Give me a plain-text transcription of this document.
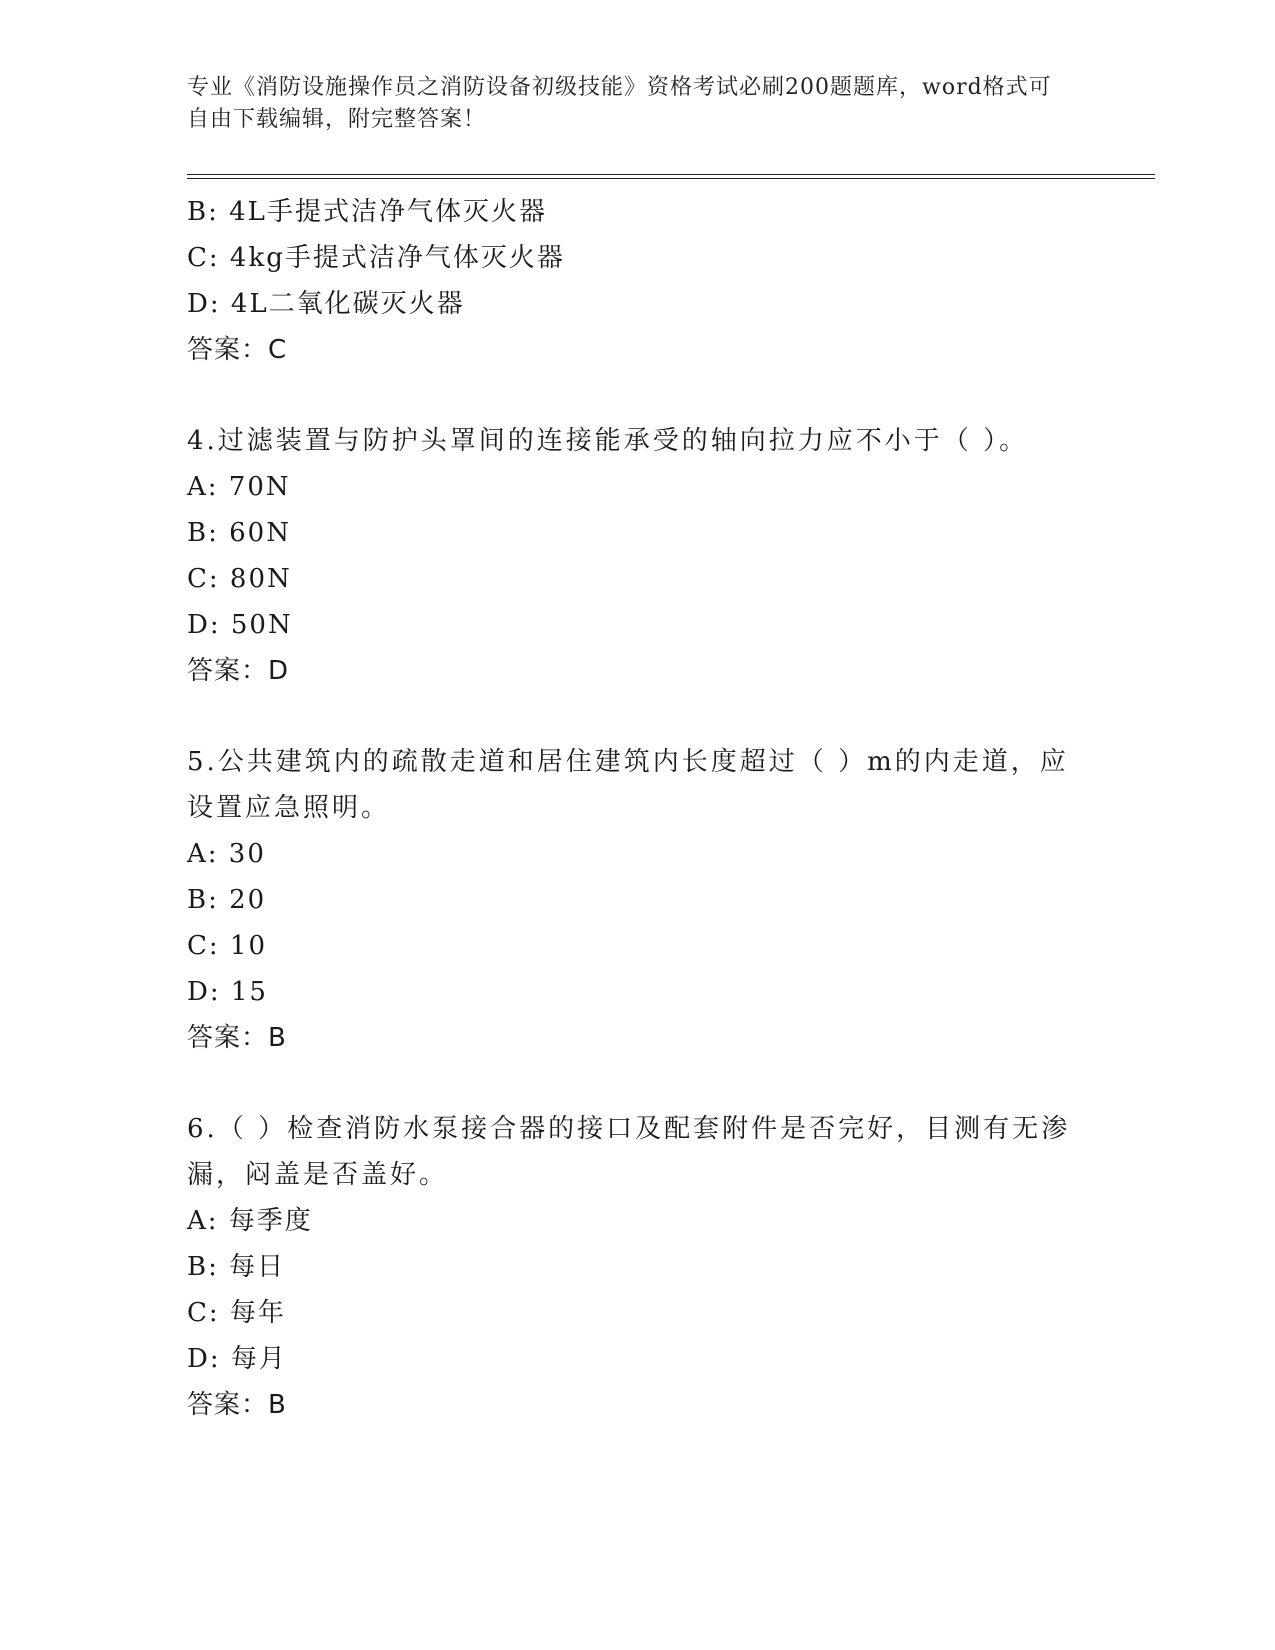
专业《消防设施操作员之消防设备初级技能》资格考试必刷200题题库，word格式可自由下载编辑，附完整答案！
B: 4L手提式洁净气体灭火器
C: 4kg手提式洁净气体灭火器
D: 4L二氧化碳灭火器
答案：C
4.过滤装置与防护头罩间的连接能承受的轴向拉力应不小于（ ）。
A: 70N
B: 60N
C: 80N
D: 50N
答案：D
5.公共建筑内的疏散走道和居住建筑内长度超过（ ）m的内走道，应设置应急照明。
A: 30
B: 20
C: 10
D: 15
答案：B
6.（ ）检查消防水泵接合器的接口及配套附件是否完好，目测有无渗漏，闷盖是否盖好。
A: 每季度
B: 每日
C: 每年
D: 每月
答案：B
